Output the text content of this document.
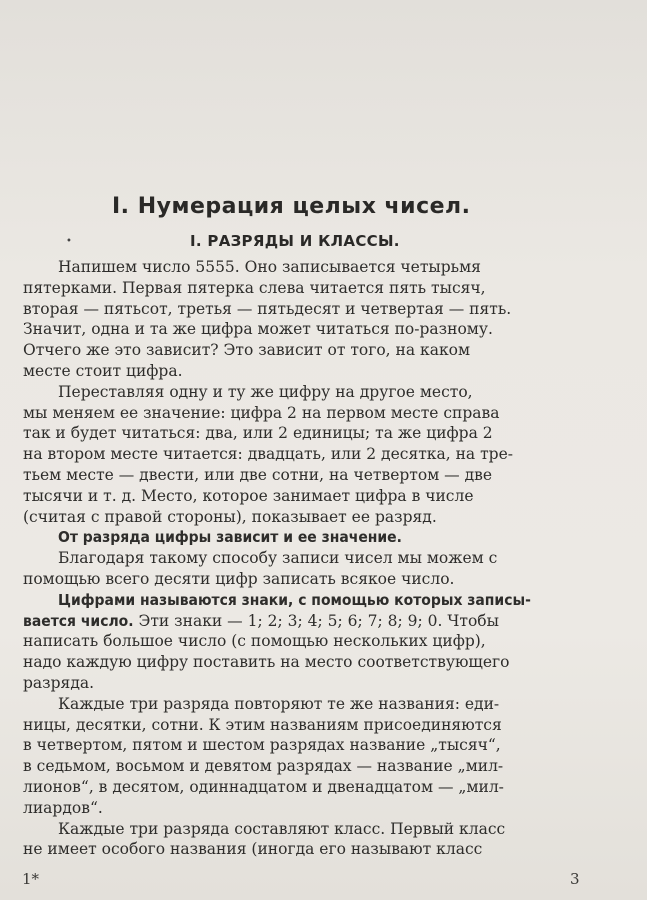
I. Нумерация целых чисел.
•	I. РАЗРЯДЫ И КЛАССЫ.
Напишем число 5555. Оно записывается четырьмя
пятерками. Первая пятерка слева читается пять тысяч,
вторая — пятьсот, третья — пятьдесят и четвертая — пять.
Значит, одна и та же цифра может читаться по-разному.
Отчего же это зависит? Это зависит от того, на каком
месте стоит цифра.
Переставляя одну и ту же цифру на другое место,
мы меняем ее значение: цифра 2 на первом месте справа
так и будет читаться: два, или 2 единицы; та же цифра 2
на втором месте читается: двадцать, или 2 десятка, на тре-
тьем месте — двести, или две сотни, на четвертом — две
тысячи и т. д. Место, которое занимает цифра в числе
(считая с правой стороны), показывает ее разряд.
От разряда цифры зависит и ее значение.
Благодаря такому способу записи чисел мы можем с
помощью всего десяти цифр записать всякое число.
Цифрами называются знаки, с помощью которых записы-
вается число. Эти знаки — 1; 2; 3; 4; 5; 6; 7; 8; 9; 0. Чтобы
написать большое число (с помощью нескольких цифр),
надо каждую цифру поставить на место соответствующего
разряда.
Каждые три разряда повторяют те же названия: еди-
ницы, десятки, сотни. К этим названиям присоединяются
в четвертом, пятом и шестом разрядах название „тысяч“,
в седьмом, восьмом и девятом разрядах — название „мил-
лионов“, в десятом, одиннадцатом и двенадцатом — „мил-
лиардов“.
Каждые три разряда составляют класс. Первый класс
не имеет особого названия (иногда его называют класс
1*	3
